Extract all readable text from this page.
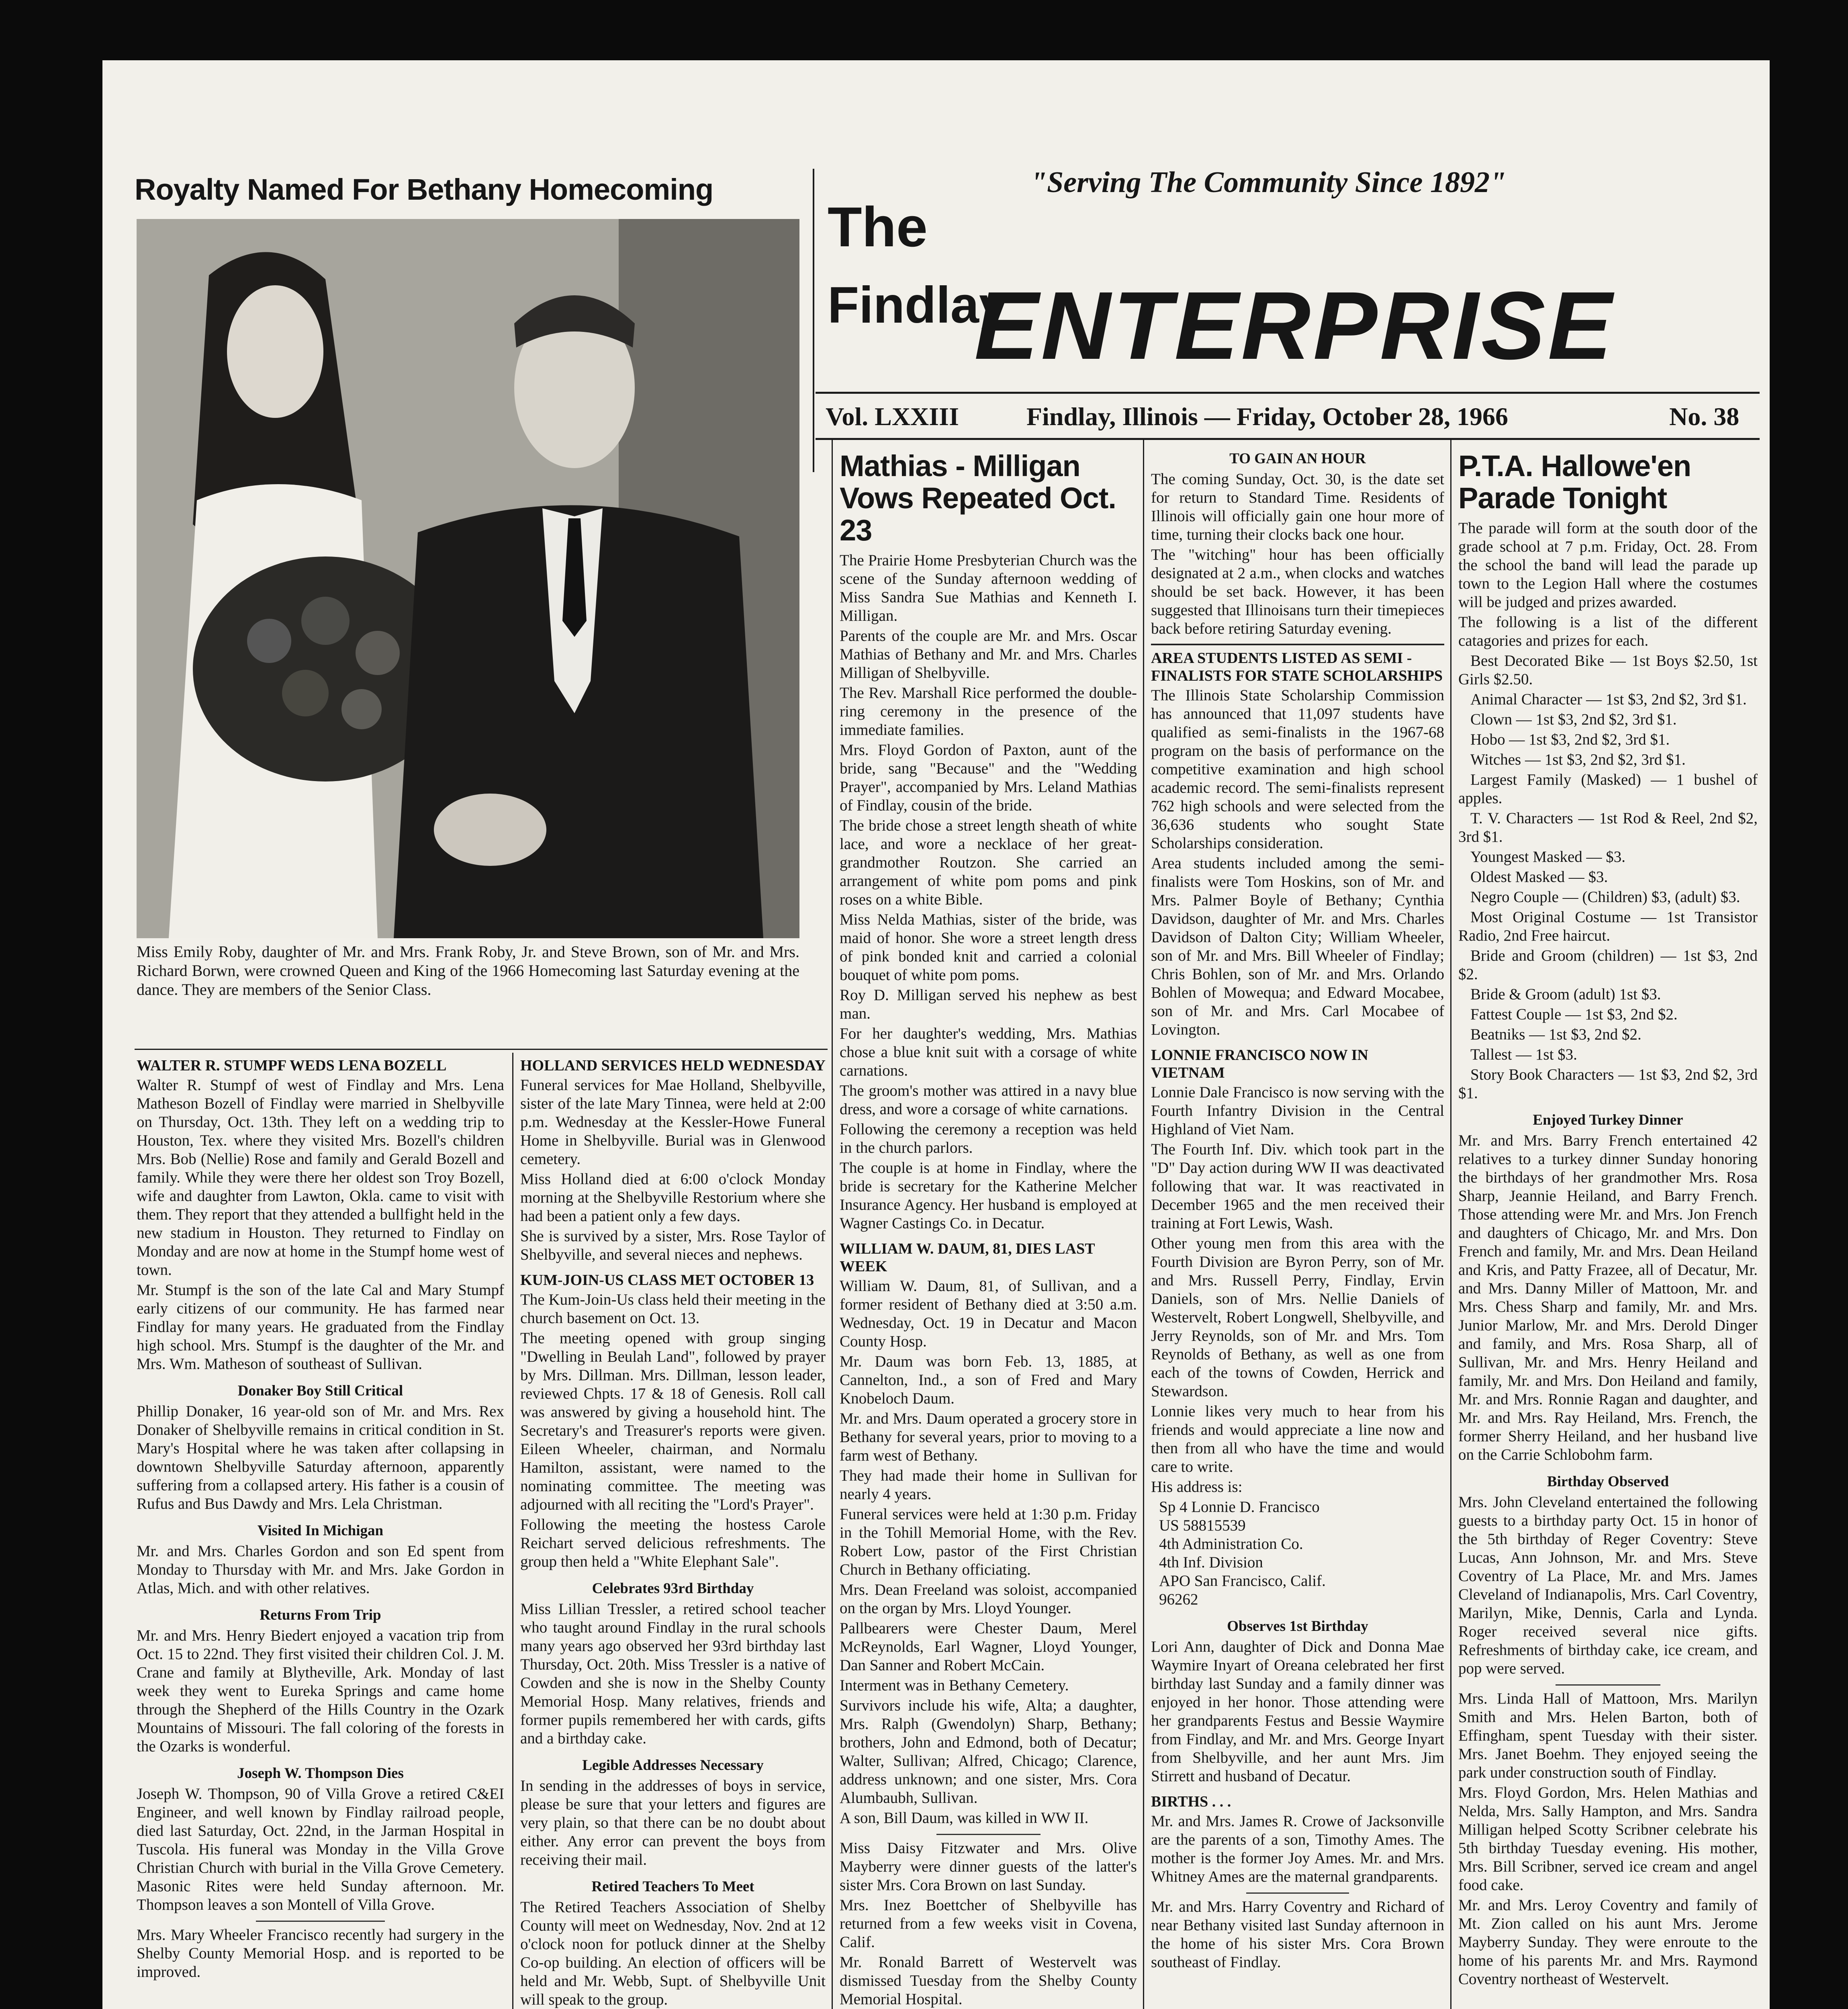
Royalty Named For Bethany Homecoming
Miss Emily Roby, daughter of Mr. and Mrs. Frank Roby, Jr. and Steve Brown, son of Mr. and Mrs. Richard Borwn, were crowned Queen and King of the 1966 Homecoming last Saturday evening at the dance. They are members of the Senior Class.
The
Findlay
ENTERPRISE
"Serving The Community Since 1892"
Vol. LXXIII	Findlay, Illinois — Friday, October 28, 1966	No. 38
WALTER R. STUMPF WEDS LENA BOZELL

Walter R. Stumpf of west of Findlay and Mrs. Lena Matheson Bozell of Findlay were married in Shelbyville on Thursday, Oct. 13th. They left on a wedding trip to Houston, Tex. where they visited Mrs. Bozell's children Mrs. Bob (Nellie) Rose and family and Gerald Bozell and family. While they were there her oldest son Troy Bozell, wife and daughter from Lawton, Okla. came to visit with them. They report that they attended a bullfight held in the new stadium in Houston. They returned to Findlay on Monday and are now at home in the Stumpf home west of town.

Mr. Stumpf is the son of the late Cal and Mary Stumpf early citizens of our community. He has farmed near Findlay for many years. He graduated from the Findlay high school. Mrs. Stumpf is the daughter of the Mr. and Mrs. Wm. Matheson of southeast of Sullivan.

Donaker Boy Still Critical

Phillip Donaker, 16 year-old son of Mr. and Mrs. Rex Donaker of Shelbyville remains in critical condition in St. Mary's Hospital where he was taken after collapsing in downtown Shelbyville Saturday afternoon, apparently suffering from a collapsed artery. His father is a cousin of Rufus and Bus Dawdy and Mrs. Lela Christman.

Visited In Michigan

Mr. and Mrs. Charles Gordon and son Ed spent from Monday to Thursday with Mr. and Mrs. Jake Gordon in Atlas, Mich. and with other relatives.

Returns From Trip

Mr. and Mrs. Henry Biedert enjoyed a vacation trip from Oct. 15 to 22nd. They first visited their children Col. J. M. Crane and family at Blytheville, Ark. Monday of last week they went to Eureka Springs and came home through the Shepherd of the Hills Country in the Ozark Mountains of Missouri. The fall coloring of the forests in the Ozarks is wonderful.

Joseph W. Thompson Dies

Joseph W. Thompson, 90 of Villa Grove a retired C&EI Engineer, and well known by Findlay railroad people, died last Saturday, Oct. 22nd, in the Jarman Hospital in Tuscola. His funeral was Monday in the Villa Grove Christian Church with burial in the Villa Grove Cemetery. Masonic Rites were held Sunday afternoon. Mr. Thompson leaves a son Montell of Villa Grove.

Mrs. Mary Wheeler Francisco recently had surgery in the Shelby County Memorial Hosp. and is reported to be improved.

HOLLAND SERVICES HELD WEDNESDAY

Funeral services for Mae Holland, Shelbyville, sister of the late Mary Tinnea, were held at 2:00 p.m. Wednesday at the Kessler-Howe Funeral Home in Shelbyville. Burial was in Glenwood cemetery.

Miss Holland died at 6:00 o'clock Monday morning at the Shelbyville Restorium where she had been a patient only a few days.

She is survived by a sister, Mrs. Rose Taylor of Shelbyville, and several nieces and nephews.

KUM-JOIN-US CLASS MET OCTOBER 13

The Kum-Join-Us class held their meeting in the church basement on Oct. 13.

The meeting opened with group singing "Dwelling in Beulah Land", followed by prayer by Mrs. Dillman. Mrs. Dillman, lesson leader, reviewed Chpts. 17 & 18 of Genesis. Roll call was answered by giving a household hint. The Secretary's and Treasurer's reports were given. Eileen Wheeler, chairman, and Normalu Hamilton, assistant, were named to the nominating committee. The meeting was adjourned with all reciting the "Lord's Prayer".

Following the meeting the hostess Carole Reichart served delicious refreshments. The group then held a "White Elephant Sale".

Celebrates 93rd Birthday

Miss Lillian Tressler, a retired school teacher who taught around Findlay in the rural schools many years ago observed her 93rd birthday last Thursday, Oct. 20th. Miss Tressler is a native of Cowden and she is now in the Shelby County Memorial Hosp. Many relatives, friends and former pupils remembered her with cards, gifts and a birthday cake.

Legible Addresses Necessary

In sending in the addresses of boys in service, please be sure that your letters and figures are very plain, so that there can be no doubt about either. Any error can prevent the boys from receiving their mail.

Retired Teachers To Meet

The Retired Teachers Association of Shelby County will meet on Wednesday, Nov. 2nd at 12 o'clock noon for potluck dinner at the Shelby Co-op building. An election of officers will be held and Mr. Webb, Supt. of Shelbyville Unit will speak to the group.

Mathias - Milligan Vows Repeated Oct. 23

The Prairie Home Presbyterian Church was the scene of the Sunday afternoon wedding of Miss Sandra Sue Mathias and Kenneth I. Milligan.

Parents of the couple are Mr. and Mrs. Oscar Mathias of Bethany and Mr. and Mrs. Charles Milligan of Shelbyville.

The Rev. Marshall Rice performed the double-ring ceremony in the presence of the immediate families.

Mrs. Floyd Gordon of Paxton, aunt of the bride, sang "Because" and the "Wedding Prayer", accompanied by Mrs. Leland Mathias of Findlay, cousin of the bride.

The bride chose a street length sheath of white lace, and wore a necklace of her great-grandmother Routzon. She carried an arrangement of white pom poms and pink roses on a white Bible.

Miss Nelda Mathias, sister of the bride, was maid of honor. She wore a street length dress of pink bonded knit and carried a colonial bouquet of white pom poms.

Roy D. Milligan served his nephew as best man.

For her daughter's wedding, Mrs. Mathias chose a blue knit suit with a corsage of white carnations.

The groom's mother was attired in a navy blue dress, and wore a corsage of white carnations.

Following the ceremony a reception was held in the church parlors.

The couple is at home in Findlay, where the bride is secretary for the Katherine Melcher Insurance Agency. Her husband is employed at Wagner Castings Co. in Decatur.

WILLIAM W. DAUM, 81, DIES LAST WEEK

William W. Daum, 81, of Sullivan, and a former resident of Bethany died at 3:50 a.m. Wednesday, Oct. 19 in Decatur and Macon County Hosp.

Mr. Daum was born Feb. 13, 1885, at Cannelton, Ind., a son of Fred and Mary Knobeloch Daum.

Mr. and Mrs. Daum operated a grocery store in Bethany for several years, prior to moving to a farm west of Bethany.

They had made their home in Sullivan for nearly 4 years.

Funeral services were held at 1:30 p.m. Friday in the Tohill Memorial Home, with the Rev. Robert Low, pastor of the First Christian Church in Bethany officiating.

Mrs. Dean Freeland was soloist, accompanied on the organ by Mrs. Lloyd Younger.

Pallbearers were Chester Daum, Merel McReynolds, Earl Wagner, Lloyd Younger, Dan Sanner and Robert McCain.

Interment was in Bethany Cemetery.

Survivors include his wife, Alta; a daughter, Mrs. Ralph (Gwendolyn) Sharp, Bethany; brothers, John and Edmond, both of Decatur; Walter, Sullivan; Alfred, Chicago; Clarence, address unknown; and one sister, Mrs. Cora Alumbaubh, Sullivan.

A son, Bill Daum, was killed in WW II.

Miss Daisy Fitzwater and Mrs. Olive Mayberry were dinner guests of the latter's sister Mrs. Cora Brown on last Sunday.

Mrs. Inez Boettcher of Shelbyville has returned from a few weeks visit in Covena, Calif.

Mr. Ronald Barrett of Westervelt was dismissed Tuesday from the Shelby County Memorial Hospital.

TO GAIN AN HOUR

The coming Sunday, Oct. 30, is the date set for return to Standard Time. Residents of Illinois will officially gain one hour more of time, turning their clocks back one hour.

The "witching" hour has been officially designated at 2 a.m., when clocks and watches should be set back. However, it has been suggested that Illinoisans turn their timepieces back before retiring Saturday evening.

AREA STUDENTS LISTED AS SEMI - FINALISTS FOR STATE SCHOLARSHIPS

The Illinois State Scholarship Commission has announced that 11,097 students have qualified as semi-finalists in the 1967-68 program on the basis of performance on the competitive examination and high school academic record. The semi-finalists represent 762 high schools and were selected from the 36,636 students who sought State Scholarships consideration.

Area students included among the semi-finalists were Tom Hoskins, son of Mr. and Mrs. Palmer Boyle of Bethany; Cynthia Davidson, daughter of Mr. and Mrs. Charles Davidson of Dalton City; William Wheeler, son of Mr. and Mrs. Bill Wheeler of Findlay; Chris Bohlen, son of Mr. and Mrs. Orlando Bohlen of Mowequa; and Edward Mocabee, son of Mr. and Mrs. Carl Mocabee of Lovington.

LONNIE FRANCISCO NOW IN VIETNAM

Lonnie Dale Francisco is now serving with the Fourth Infantry Division in the Central Highland of Viet Nam.

The Fourth Inf. Div. which took part in the "D" Day action during WW II was deactivated following that war. It was reactivated in December 1965 and the men received their training at Fort Lewis, Wash.

Other young men from this area with the Fourth Division are Byron Perry, son of Mr. and Mrs. Russell Perry, Findlay, Ervin Daniels, son of Mrs. Nellie Daniels of Westervelt, Robert Longwell, Shelbyville, and Jerry Reynolds, son of Mr. and Mrs. Tom Reynolds of Bethany, as well as one from each of the towns of Cowden, Herrick and Stewardson.

Lonnie likes very much to hear from his friends and would appreciate a line now and then from all who have the time and would care to write.

His address is:

Sp 4 Lonnie D. Francisco
US 58815539
4th Administration Co.
4th Inf. Division
APO San Francisco, Calif.
96262
Observes 1st Birthday

Lori Ann, daughter of Dick and Donna Mae Waymire Inyart of Oreana celebrated her first birthday last Sunday and a family dinner was enjoyed in her honor. Those attending were her grandparents Festus and Bessie Waymire from Findlay, and Mr. and Mrs. George Inyart from Shelbyville, and her aunt Mrs. Jim Stirrett and husband of Decatur.

BIRTHS . . .

Mr. and Mrs. James R. Crowe of Jacksonville are the parents of a son, Timothy Ames. The mother is the former Joy Ames. Mr. and Mrs. Whitney Ames are the maternal grandparents.

Mr. and Mrs. Harry Coventry and Richard of near Bethany visited last Sunday afternoon in the home of his sister Mrs. Cora Brown southeast of Findlay.

P.T.A. Hallowe'en Parade Tonight

The parade will form at the south door of the grade school at 7 p.m. Friday, Oct. 28. From the school the band will lead the parade up town to the Legion Hall where the costumes will be judged and prizes awarded.

The following is a list of the different catagories and prizes for each.

Best Decorated Bike — 1st Boys $2.50, 1st Girls $2.50.

Animal Character — 1st $3, 2nd $2, 3rd $1.

Clown — 1st $3, 2nd $2, 3rd $1.

Hobo — 1st $3, 2nd $2, 3rd $1.

Witches — 1st $3, 2nd $2, 3rd $1.

Largest Family (Masked) — 1 bushel of apples.

T. V. Characters — 1st Rod & Reel, 2nd $2, 3rd $1.

Youngest Masked — $3.

Oldest Masked — $3.

Negro Couple — (Children) $3, (adult) $3.

Most Original Costume — 1st Transistor Radio, 2nd Free haircut.

Bride and Groom (children) — 1st $3, 2nd $2.

Bride & Groom (adult) 1st $3.

Fattest Couple — 1st $3, 2nd $2.

Beatniks — 1st $3, 2nd $2.

Tallest — 1st $3.

Story Book Characters — 1st $3, 2nd $2, 3rd $1.

Enjoyed Turkey Dinner

Mr. and Mrs. Barry French entertained 42 relatives to a turkey dinner Sunday honoring the birthdays of her grandmother Mrs. Rosa Sharp, Jeannie Heiland, and Barry French. Those attending were Mr. and Mrs. Jon French and daughters of Chicago, Mr. and Mrs. Don French and family, Mr. and Mrs. Dean Heiland and Kris, and Patty Frazee, all of Decatur, Mr. and Mrs. Danny Miller of Mattoon, Mr. and Mrs. Chess Sharp and family, Mr. and Mrs. Junior Marlow, Mr. and Mrs. Derold Dinger and family, and Mrs. Rosa Sharp, all of Sullivan, Mr. and Mrs. Henry Heiland and family, Mr. and Mrs. Don Heiland and family, Mr. and Mrs. Ronnie Ragan and daughter, and Mr. and Mrs. Ray Heiland, Mrs. French, the former Sherry Heiland, and her husband live on the Carrie Schlobohm farm.

Birthday Observed

Mrs. John Cleveland entertained the following guests to a birthday party Oct. 15 in honor of the 5th birthday of Reger Coventry: Steve Lucas, Ann Johnson, Mr. and Mrs. Steve Coventry of La Place, Mr. and Mrs. James Cleveland of Indianapolis, Mrs. Carl Coventry, Marilyn, Mike, Dennis, Carla and Lynda. Roger received several nice gifts. Refreshments of birthday cake, ice cream, and pop were served.

Mrs. Linda Hall of Mattoon, Mrs. Marilyn Smith and Mrs. Helen Barton, both of Effingham, spent Tuesday with their sister. Mrs. Janet Boehm. They enjoyed seeing the park under construction south of Findlay.

Mrs. Floyd Gordon, Mrs. Helen Mathias and Nelda, Mrs. Sally Hampton, and Mrs. Sandra Milligan helped Scotty Scribner celebrate his 5th birthday Tuesday evening. His mother, Mrs. Bill Scribner, served ice cream and angel food cake.

Mr. and Mrs. Leroy Coventry and family of Mt. Zion called on his aunt Mrs. Jerome Mayberry Sunday. They were enroute to the home of his parents Mr. and Mrs. Raymond Coventry northeast of Westervelt.
